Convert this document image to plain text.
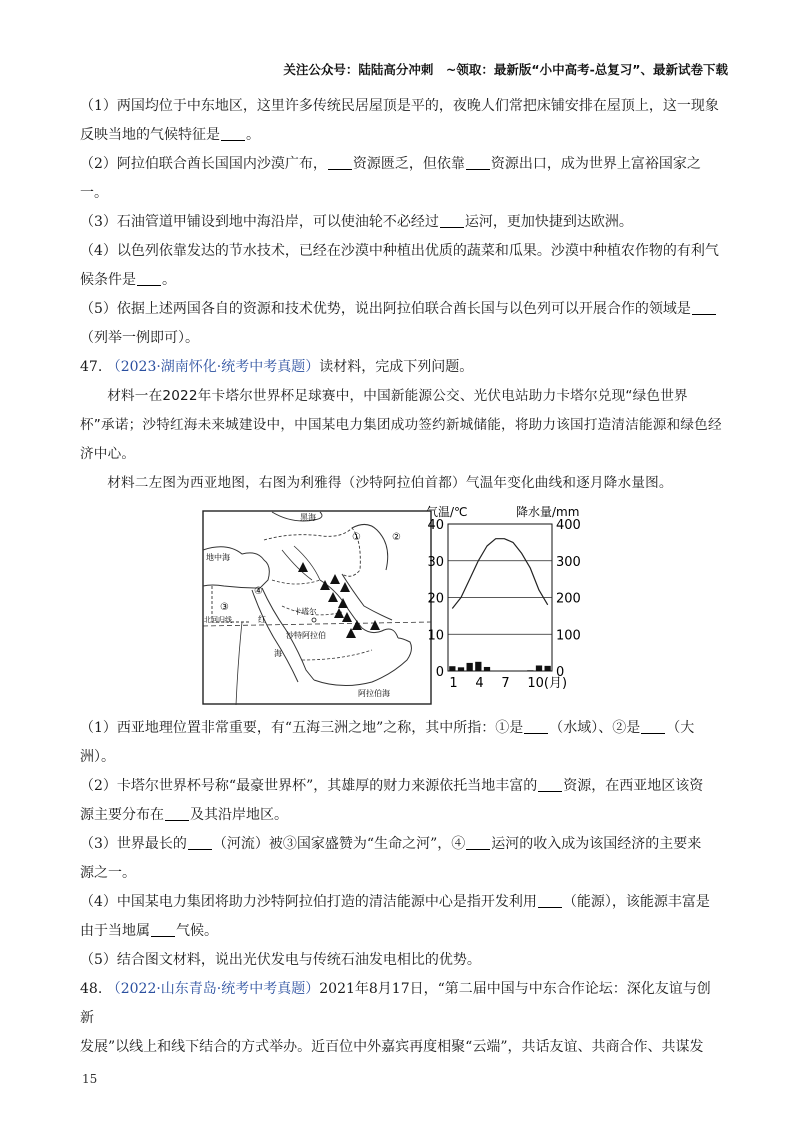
关注公众号：陆陆高分冲刺　~领取：最新版“小中高考-总复习”、最新试卷下载

（1）两国均位于中东地区，这里许多传统民居屋顶是平的，夜晚人们常把床铺安排在屋顶上，这一现象

反映当地的气候特征是 。

（2）阿拉伯联合酋长国国内沙漠广布， 资源匮乏，但依靠 资源出口，成为世界上富裕国家之一。

（3）石油管道甲铺设到地中海沿岸，可以使油轮不必经过 运河，更加快捷到达欧洲。

（4）以色列依靠发达的节水技术，已经在沙漠中种植出优质的蔬菜和瓜果。沙漠中种植农作物的有利气

候条件是 。

（5）依据上述两国各自的资源和技术优势，说出阿拉伯联合酋长国与以色列可以开展合作的领域是

（列举一例即可）。

47. （2023·湖南怀化·统考中考真题）读材料，完成下列问题。

材料一在2022年卡塔尔世界杯足球赛中，中国新能源公交、光伏电站助力卡塔尔兑现“绿色世界杯”承诺；沙特红海未来城建设中，中国某电力集团成功签约新城储能，将助力该国打造清洁能源和绿色经济中心。

材料二左图为西亚地图，右图为利雅得（沙特阿拉伯首都）气温年变化曲线和逐月降水量图。

黑海
地中海
北回归线	红
海
卡塔尔
沙特阿拉伯
阿拉伯海
①	②
③
④
气温/℃	降水量/mm
0
10
20
30
40
0
100
200
300
400
1 4 7 10(月)

（1）西亚地理位置非常重要，有“五海三洲之地”之称，其中所指：①是 （水域）、②是 （大

洲）。

（2）卡塔尔世界杯号称“最豪世界杯”，其雄厚的财力来源依托当地丰富的 资源，在西亚地区该资

源主要分布在 及其沿岸地区。

（3）世界最长的 （河流）被③国家盛赞为“生命之河”，④ 运河的收入成为该国经济的主要来

源之一。

（4）中国某电力集团将助力沙特阿拉伯打造的清洁能源中心是指开发利用 （能源），该能源丰富是

由于当地属 气候。

（5）结合图文材料，说出光伏发电与传统石油发电相比的优势。

48. （2022·山东青岛·统考中考真题）2021年8月17日，“第二届中国与中东合作论坛：深化友谊与创新

发展”以线上和线下结合的方式举办。近百位中外嘉宾再度相聚“云端”，共话友谊、共商合作、共谋发

15
